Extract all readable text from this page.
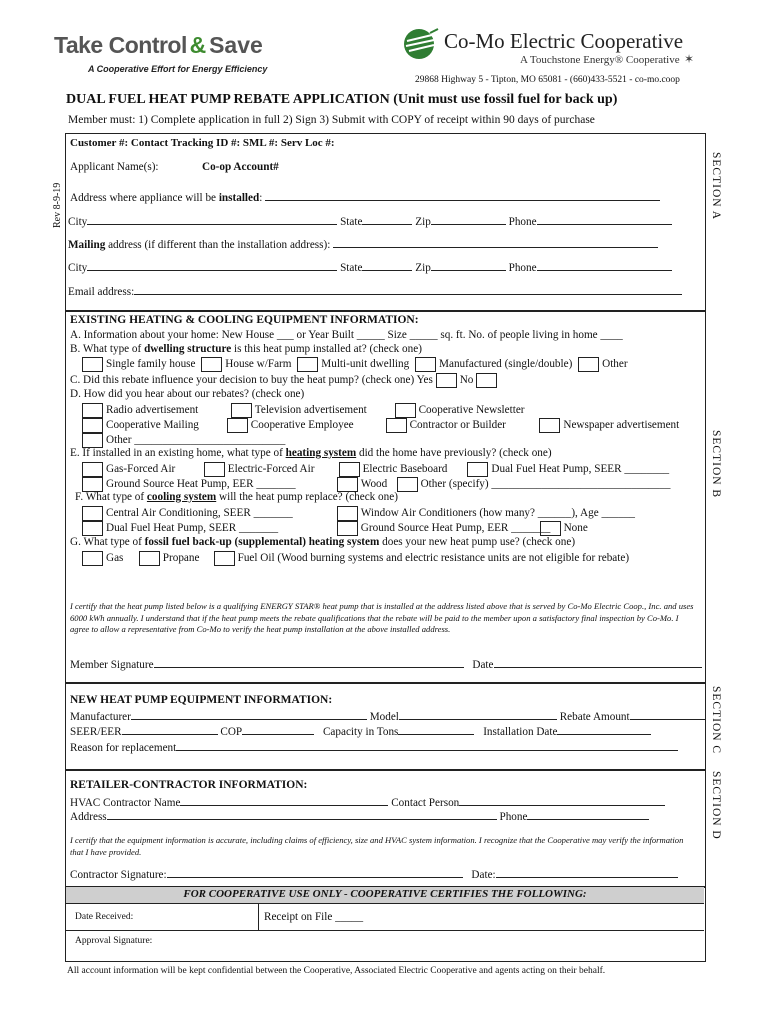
Take Control & Save
A Cooperative Effort for Energy Efficiency
Co-Mo Electric Cooperative
A Touchstone Energy® Cooperative ✶
29868 Highway 5 - Tipton, MO 65081 - (660)433-5521 - co-mo.coop
DUAL FUEL HEAT PUMP REBATE APPLICATION (Unit must use fossil fuel for back up)
Member must: 1) Complete application in full 2) Sign 3) Submit with COPY of receipt within 90 days of purchase
Rev 8-9-19	SECTION A
Customer #: Contact Tracking ID #: SML #: Serv Loc #:
Applicant Name(s):	Co-op Account#
Address where appliance will be installed:
City	State	Zip	Phone
Mailing address (if different than the installation address):
City	State	Zip	Phone
Email address:
SECTION B
EXISTING HEATING & COOLING EQUIPMENT INFORMATION:
A. Information about your home: New House ___ or Year Built _____ Size _____ sq. ft. No. of people living in home ____
B. What type of dwelling structure is this heat pump installed at? (check one)
Single family house	House w/Farm	Multi-unit dwelling	Manufactured (single/double)	Other
C. Did this rebate influence your decision to buy the heat pump? (check one) Yes No
D. How did you hear about our rebates? (check one)
Radio advertisement	Television advertisement	Cooperative Newsletter
Cooperative Mailing	Cooperative Employee	Contractor or Builder	Newspaper advertisement
Other ___________________________
E. If installed in an existing home, what type of heating system did the home have previously? (check one)
Gas-Forced Air	Electric-Forced Air	Electric Baseboard	Dual Fuel Heat Pump, SEER ________
Ground Source Heat Pump, EER _______	Wood	Other (specify) ________________________________
F. What type of cooling system will the heat pump replace? (check one)
Central Air Conditioning, SEER _______	Window Air Conditioners (how many? ______), Age ______
Dual Fuel Heat Pump, SEER _______	Ground Source Heat Pump, EER _______ None
G. What type of fossil fuel back-up (supplemental) heating system does your new heat pump use? (check one)
Gas	Propane	Fuel Oil (Wood burning systems and electric resistance units are not eligible for rebate)
I certify that the heat pump listed below is a qualifying ENERGY STAR® heat pump that is installed at the address listed above that is served by Co-Mo Electric Coop., Inc. and uses 6000 kWh annually. I understand that if the heat pump meets the rebate qualifications that the rebate will be paid to the member upon a satisfactory final inspection by Co-Mo. I agree to allow a representative from Co-Mo to verify the heat pump installation at the above installed address.
Member Signature	Date
SECTION C
NEW HEAT PUMP EQUIPMENT INFORMATION:
Manufacturer	Model	Rebate Amount
SEER/EER	COP	Capacity in Tons	Installation Date
Reason for replacement
SECTION D
RETAILER-CONTRACTOR INFORMATION:
HVAC Contractor Name	Contact Person
Address	Phone
I certify that the equipment information is accurate, including claims of efficiency, size and HVAC system information. I recognize that the Cooperative may verify the information that I have provided.
Contractor Signature:	Date:
FOR COOPERATIVE USE ONLY - COOPERATIVE CERTIFIES THE FOLLOWING:
Date Received:	Receipt on File _____
Approval Signature:
All account information will be kept confidential between the Cooperative, Associated Electric Cooperative and agents acting on their behalf.
